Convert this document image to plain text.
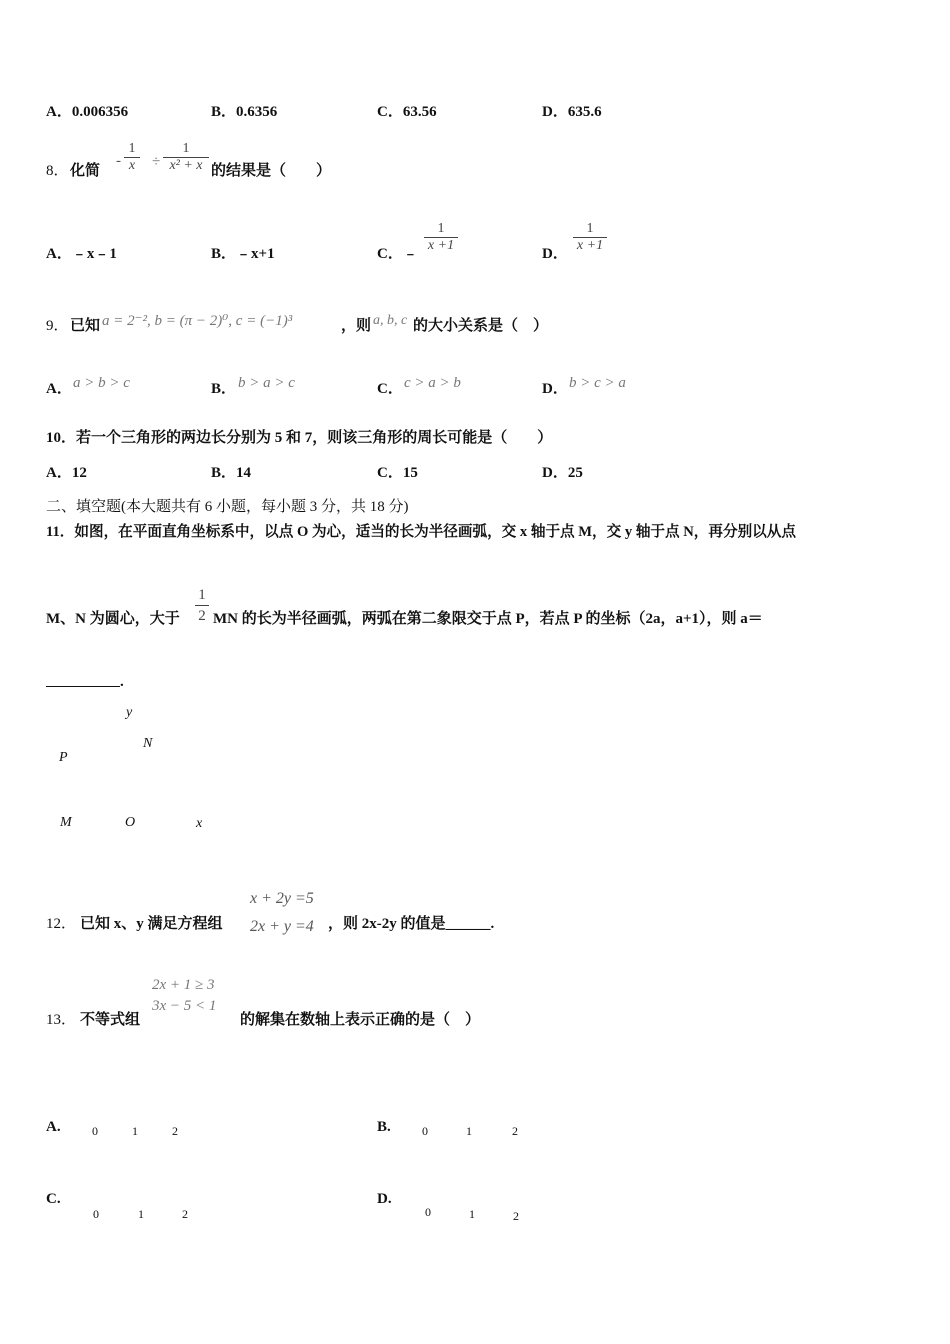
A．0.006356	B．0.6356	C．63.56	D．635.6
8． 化简
-
1
x	÷
1
x² + x 的结果是（　　）
A．﹣x﹣1	B．﹣x+1	C．﹣
1
x +1
D．
1
x +1
9． 已知 a = 2⁻², b = (π − 2)⁰, c = (−1)³	，则 a, b, c 的大小关系是（　）
A． a > b > c	B． b > a > c	C． c > a > b	D． b > c > a
10．若一个三角形的两边长分别为 5 和 7，则该三角形的周长可能是（　　）
A．12	B．14	C．15	D．25
二、填空题(本大题共有 6 小题，每小题 3 分，共 18 分)
11．如图，在平面直角坐标系中，以点 O 为心，适当的长为半径画弧，交 x 轴于点 M，交 y 轴于点 N，再分别以从点
M、N 为圆心，大于
1
2 MN 的长为半径画弧，两弧在第二象限交于点 P，若点 P 的坐标（2a，a+1），则 a＝
.
y
x
N
P
M	O
12． 已知 x、y 满足方程组
x + 2y =5
2x + y =4 ，则 2x-2y 的值是______.
13． 不等式组
2x + 1 ≥ 3
3x − 5 < 1
的解集在数轴上表示正确的是（　）
A.	0	1	2	B.	0	1	2
C.
0	1	2
D.
0	1	2
